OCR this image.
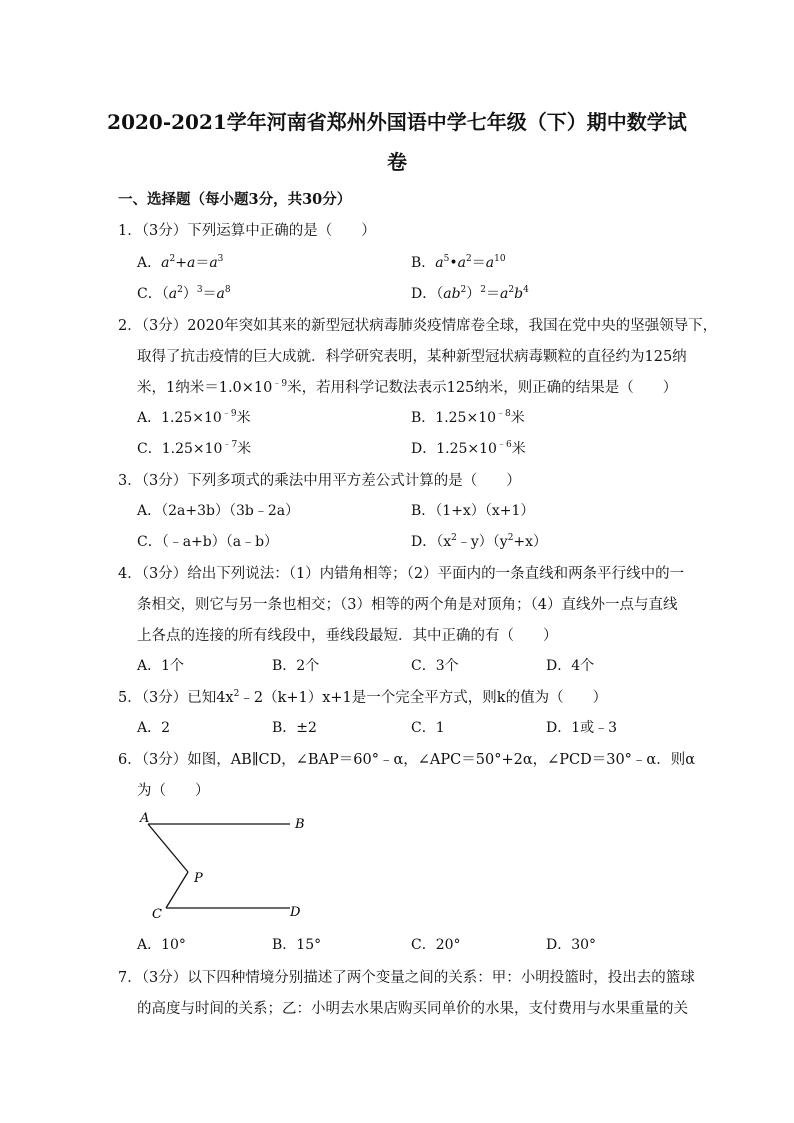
2020-2021学年河南省郑州外国语中学七年级（下）期中数学试
卷
一、选择题（每小题3分，共30分）
1．（3分）下列运算中正确的是（　　）
A．$a^2+a=a^3$	B．$a^5•a^2=a^{10}$
C．$(a^2)^3=a^8$	D．$(ab^2)^2=a^2b^4$
2．（3分）2020年突如其来的新型冠状病毒肺炎疫情席卷全球，我国在党中央的坚强领导下，
取得了抗击疫情的巨大成就．科学研究表明，某种新型冠状病毒颗粒的直径约为125纳
米，1纳米$=1.0\times 10^{﹣9}$米，若用科学记数法表示125纳米，则正确的结果是（　　）
A．$1.25\times 10^{﹣9}$米	B．$1.25\times 10^{﹣8}$米
C．$1.25\times 10^{﹣7}$米	D．$1.25\times 10^{﹣6}$米
3．（3分）下列多项式的乘法中用平方差公式计算的是（　　）
A．（2a+3b）（3b﹣2a）	B．（1+x）（x+1）
C．（﹣a+b）（a﹣b）	D．$(x^2﹣y)(y^2+x)$
4．（3分）给出下列说法：（1）内错角相等；（2）平面内的一条直线和两条平行线中的一
条相交，则它与另一条也相交；（3）相等的两个角是对顶角；（4）直线外一点与直线
上各点的连接的所有线段中，垂线段最短．其中正确的有（　　）
A．1个	B．2个	C．3个	D．4个
5．（3分）已知$4x^2﹣2(k+1)x+1$是一个完全平方式，则k的值为（　　）
A．2	B．±2	C．1	D．1或﹣3
6．（3分）如图，AB∥CD，∠BAP＝60°﹣α，∠APC＝50°+2α，∠PCD＝30°﹣α．则α
为（　　）
A	B
P
C	D
A．10°	B．15°	C．20°	D．30°
7．（3分）以下四种情境分别描述了两个变量之间的关系：甲：小明投篮时，投出去的篮球
的高度与时间的关系；乙：小明去水果店购买同单价的水果，支付费用与水果重量的关
